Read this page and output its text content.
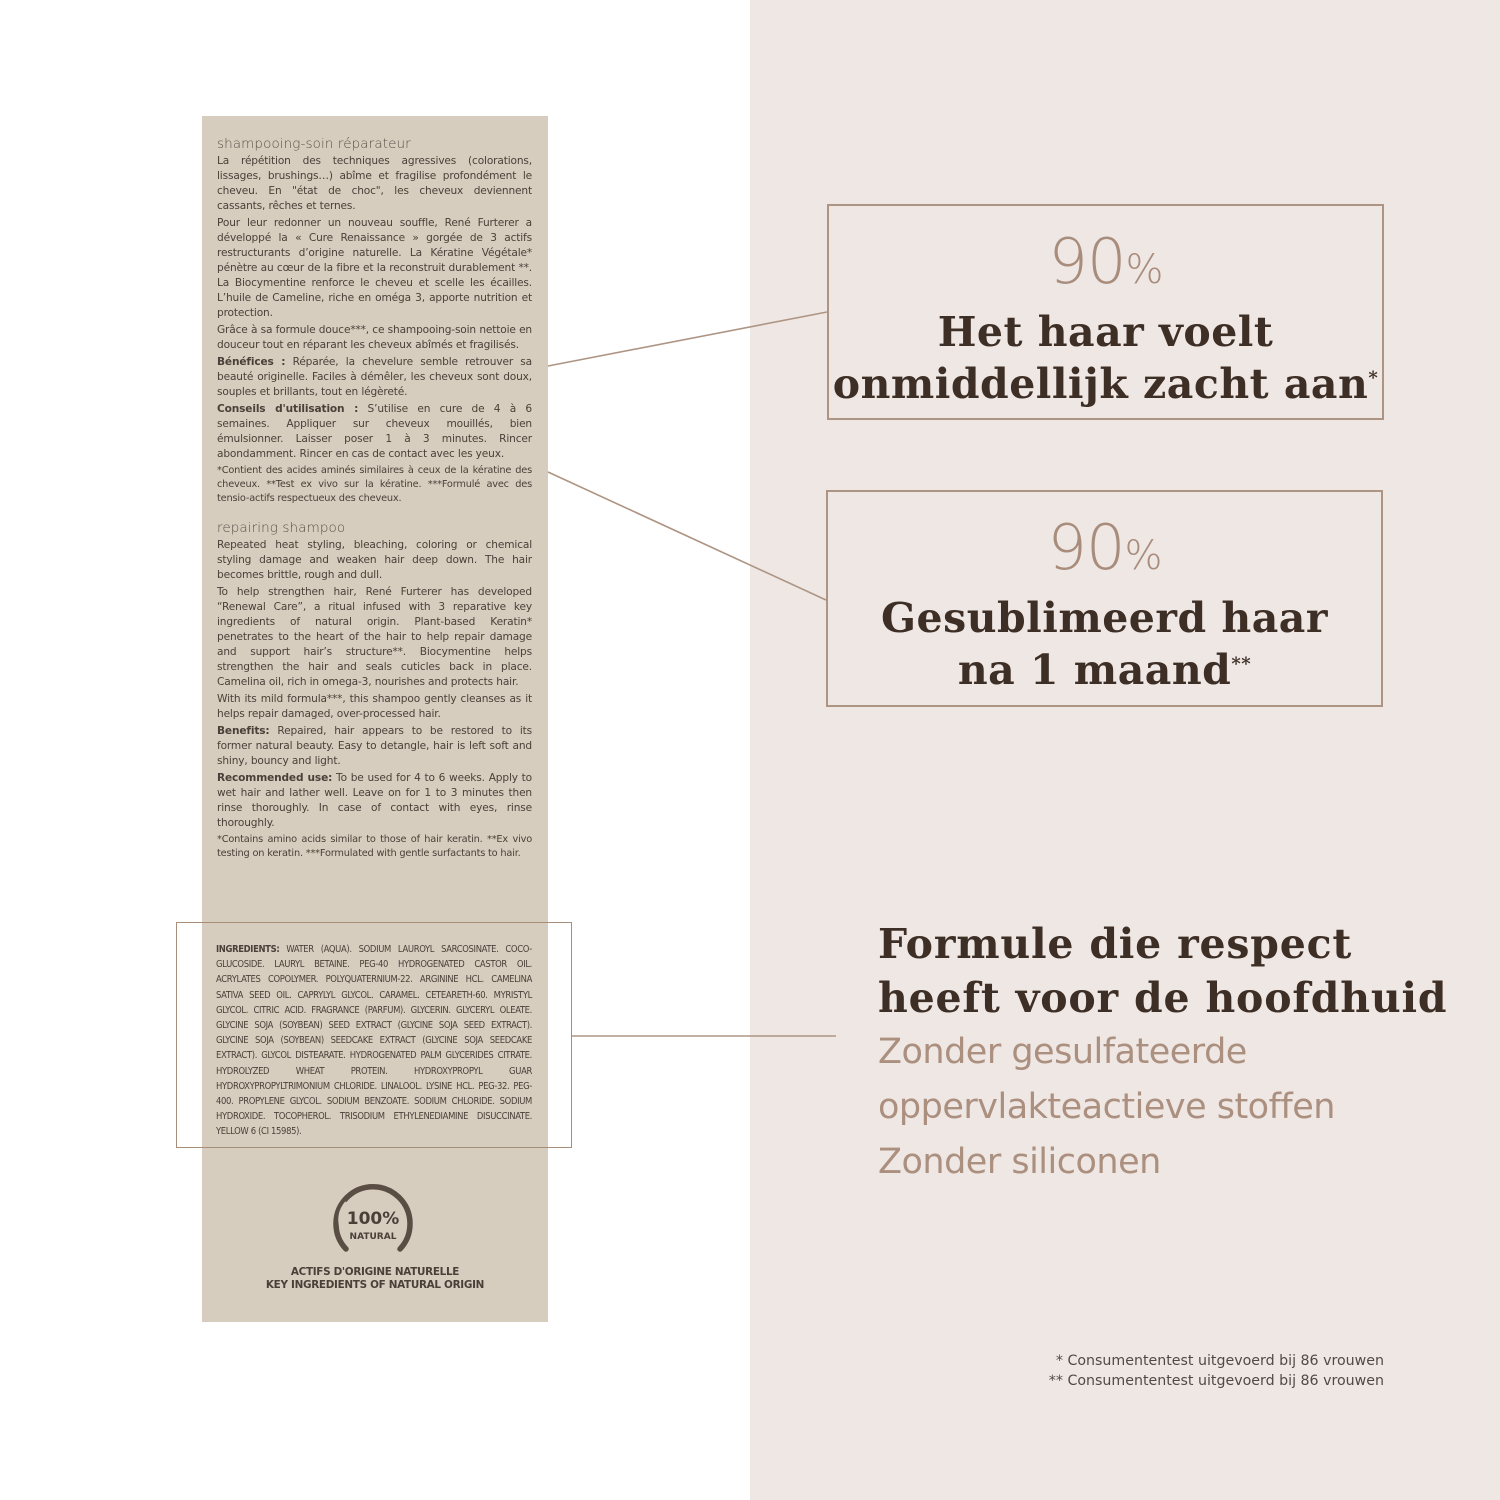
shampooing-soin réparateur

La répétition des techniques agressives (colorations, lissages, brushings…) abîme et fragilise profondément le cheveu. En "état de choc", les cheveux deviennent cassants, rêches et ternes.

Pour leur redonner un nouveau souffle, René Furterer a développé la « Cure Renaissance » gorgée de 3 actifs restructurants d’origine naturelle. La Kératine Végétale* pénètre au cœur de la fibre et la reconstruit durablement **. La Biocymentine renforce le cheveu et scelle les écailles. L’huile de Cameline, riche en oméga 3, apporte nutrition et protection.

Grâce à sa formule douce***, ce shampooing-soin nettoie en douceur tout en réparant les cheveux abîmés et fragilisés.

Bénéfices : Réparée, la chevelure semble retrouver sa beauté originelle. Faciles à démêler, les cheveux sont doux, souples et brillants, tout en légèreté.

Conseils d'utilisation : S’utilise en cure de 4 à 6 semaines. Appliquer sur cheveux mouillés, bien émulsionner. Laisser poser 1 à 3 minutes. Rincer abondamment. Rincer en cas de contact avec les yeux.

*Contient des acides aminés similaires à ceux de la kératine des cheveux. **Test ex vivo sur la kératine. ***Formulé avec des tensio-actifs respectueux des cheveux.

repairing shampoo

Repeated heat styling, bleaching, coloring or chemical styling damage and weaken hair deep down. The hair becomes brittle, rough and dull.

To help strengthen hair, René Furterer has developed “Renewal Care”, a ritual infused with 3 reparative key ingredients of natural origin. Plant-based Keratin* penetrates to the heart of the hair to help repair damage and support hair’s structure**. Biocymentine helps strengthen the hair and seals cuticles back in place. Camelina oil, rich in omega-3, nourishes and protects hair.

With its mild formula***, this shampoo gently cleanses as it helps repair damaged, over-processed hair.

Benefits: Repaired, hair appears to be restored to its former natural beauty. Easy to detangle, hair is left soft and shiny, bouncy and light.

Recommended use: To be used for 4 to 6 weeks. Apply to wet hair and lather well. Leave on for 1 to 3 minutes then rinse thoroughly. In case of contact with eyes, rinse thoroughly.

*Contains amino acids similar to those of hair keratin. **Ex vivo testing on keratin. ***Formulated with gentle surfactants to hair.

INGREDIENTS: WATER (AQUA). SODIUM LAUROYL SARCOSINATE. COCO-GLUCOSIDE. LAURYL BETAINE. PEG-40 HYDROGENATED CASTOR OIL. ACRYLATES COPOLYMER. POLYQUATERNIUM-22. ARGININE HCL. CAMELINA SATIVA SEED OIL. CAPRYLYL GLYCOL. CARAMEL. CETEARETH-60. MYRISTYL GLYCOL. CITRIC ACID. FRAGRANCE (PARFUM). GLYCERIN. GLYCERYL OLEATE. GLYCINE SOJA (SOYBEAN) SEED EXTRACT (GLYCINE SOJA SEED EXTRACT). GLYCINE SOJA (SOYBEAN) SEEDCAKE EXTRACT (GLYCINE SOJA SEEDCAKE EXTRACT). GLYCOL DISTEARATE. HYDROGENATED PALM GLYCERIDES CITRATE. HYDROLYZED WHEAT PROTEIN. HYDROXYPROPYL GUAR HYDROXYPROPYLTRIMONIUM CHLORIDE. LINALOOL. LYSINE HCL. PEG-32. PEG-400. PROPYLENE GLYCOL. SODIUM BENZOATE. SODIUM CHLORIDE. SODIUM HYDROXIDE. TOCOPHEROL. TRISODIUM ETHYLENEDIAMINE DISUCCINATE. YELLOW 6 (CI 15985).
100%
NATURAL
ACTIFS D'ORIGINE NATURELLE
KEY INGREDIENTS OF NATURAL ORIGIN
90%
Het haar voelt
onmiddellijk zacht aan*
90%
Gesublimeerd haar
na 1 maand**
Formule die respect
heeft voor de hoofdhuid
Zonder gesulfateerde
oppervlakteactieve stoffen
Zonder siliconen
* Consumententest uitgevoerd bij 86 vrouwen
** Consumententest uitgevoerd bij 86 vrouwen
